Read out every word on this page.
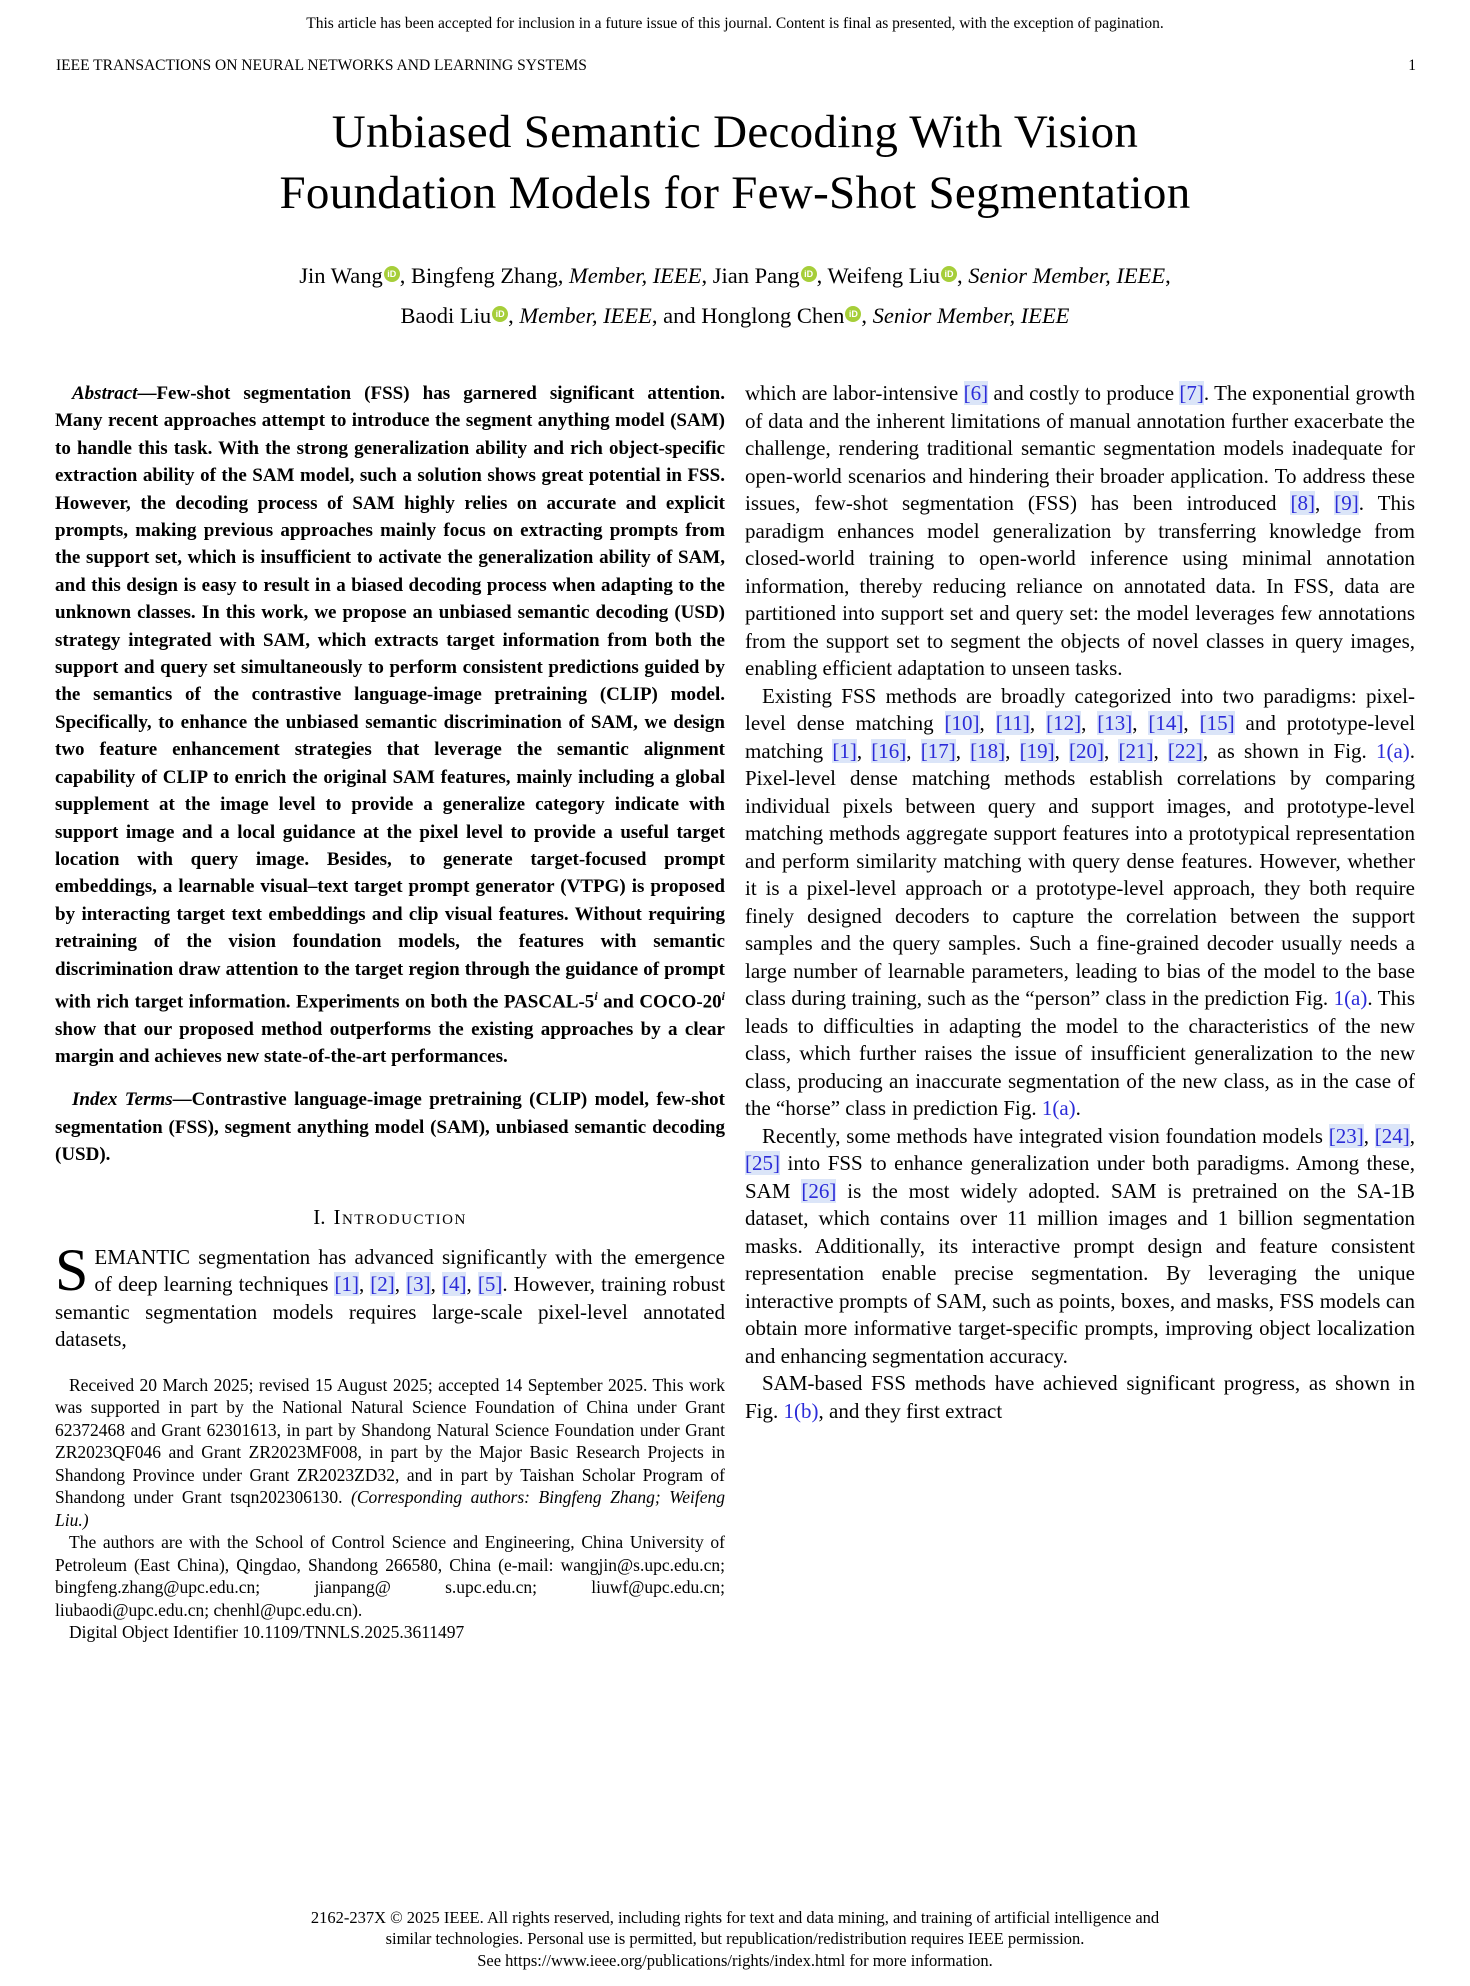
This article has been accepted for inclusion in a future issue of this journal. Content is final as presented, with the exception of pagination.
IEEE TRANSACTIONS ON NEURAL NETWORKS AND LEARNING SYSTEMS	1
Unbiased Semantic Decoding With Vision
Foundation Models for Few-Shot Segmentation
Jin Wang iD , Bingfeng Zhang, Member, IEEE, Jian Pang iD , Weifeng Liu iD , Senior Member, IEEE,
Baodi Liu iD , Member, IEEE, and Honglong Chen iD , Senior Member, IEEE

Abstract—Few-shot segmentation (FSS) has garnered significant attention. Many recent approaches attempt to introduce the segment anything model (SAM) to handle this task. With the strong generalization ability and rich object-specific extraction ability of the SAM model, such a solution shows great potential in FSS. However, the decoding process of SAM highly relies on accurate and explicit prompts, making previous approaches mainly focus on extracting prompts from the support set, which is insufficient to activate the generalization ability of SAM, and this design is easy to result in a biased decoding process when adapting to the unknown classes. In this work, we propose an unbiased semantic decoding (USD) strategy integrated with SAM, which extracts target information from both the support and query set simultaneously to perform consistent predictions guided by the semantics of the contrastive language-image pretraining (CLIP) model. Specifically, to enhance the unbiased semantic discrimination of SAM, we design two feature enhancement strategies that leverage the semantic alignment capability of CLIP to enrich the original SAM features, mainly including a global supplement at the image level to provide a generalize category indicate with support image and a local guidance at the pixel level to provide a useful target location with query image. Besides, to generate target-focused prompt embeddings, a learnable visual–text target prompt generator (VTPG) is proposed by interacting target text embeddings and clip visual features. Without requiring retraining of the vision foundation models, the features with semantic discrimination draw attention to the target region through the guidance of prompt with rich target information. Experiments on both the PASCAL-5$^i$ and COCO-20$^i$ show that our proposed method outperforms the existing approaches by a clear margin and achieves new state-of-the-art performances.

Index Terms—Contrastive language-image pretraining (CLIP) model, few-shot segmentation (FSS), segment anything model (SAM), unbiased semantic decoding (USD).

I. Introduction

SEMANTIC segmentation has advanced significantly with the emergence of deep learning techniques [1], [2], [3], [4], [5]. However, training robust semantic segmentation models requires large-scale pixel-level annotated datasets,

Received 20 March 2025; revised 15 August 2025; accepted 14 September 2025. This work was supported in part by the National Natural Science Foundation of China under Grant 62372468 and Grant 62301613, in part by Shandong Natural Science Foundation under Grant ZR2023QF046 and Grant ZR2023MF008, in part by the Major Basic Research Projects in Shandong Province under Grant ZR2023ZD32, and in part by Taishan Scholar Program of Shandong under Grant tsqn202306130. (Corresponding authors: Bingfeng Zhang; Weifeng Liu.)

The authors are with the School of Control Science and Engineering, China University of Petroleum (East China), Qingdao, Shandong 266580, China (e-mail: wangjin@s.upc.edu.cn; bingfeng.zhang@upc.edu.cn; jianpang@ s.upc.edu.cn; liuwf@upc.edu.cn; liubaodi@upc.edu.cn; chenhl@upc.edu.cn).

Digital Object Identifier 10.1109/TNNLS.2025.3611497

which are labor-intensive [6] and costly to produce [7]. The exponential growth of data and the inherent limitations of manual annotation further exacerbate the challenge, rendering traditional semantic segmentation models inadequate for open-world scenarios and hindering their broader application. To address these issues, few-shot segmentation (FSS) has been introduced [8], [9]. This paradigm enhances model generalization by transferring knowledge from closed-world training to open-world inference using minimal annotation information, thereby reducing reliance on annotated data. In FSS, data are partitioned into support set and query set: the model leverages few annotations from the support set to segment the objects of novel classes in query images, enabling efficient adaptation to unseen tasks.

Existing FSS methods are broadly categorized into two paradigms: pixel-level dense matching [10], [11], [12], [13], [14], [15] and prototype-level matching [1], [16], [17], [18], [19], [20], [21], [22], as shown in Fig. 1(a). Pixel-level dense matching methods establish correlations by comparing individual pixels between query and support images, and prototype-level matching methods aggregate support features into a prototypical representation and perform similarity matching with query dense features. However, whether it is a pixel-level approach or a prototype-level approach, they both require finely designed decoders to capture the correlation between the support samples and the query samples. Such a fine-grained decoder usually needs a large number of learnable parameters, leading to bias of the model to the base class during training, such as the “person” class in the prediction Fig. 1(a). This leads to difficulties in adapting the model to the characteristics of the new class, which further raises the issue of insufficient generalization to the new class, producing an inaccurate segmentation of the new class, as in the case of the “horse” class in prediction Fig. 1(a).

Recently, some methods have integrated vision foundation models [23], [24], [25] into FSS to enhance generalization under both paradigms. Among these, SAM [26] is the most widely adopted. SAM is pretrained on the SA-1B dataset, which contains over 11 million images and 1 billion segmentation masks. Additionally, its interactive prompt design and feature consistent representation enable precise segmentation. By leveraging the unique interactive prompts of SAM, such as points, boxes, and masks, FSS models can obtain more informative target-specific prompts, improving object localization and enhancing segmentation accuracy.

SAM-based FSS methods have achieved significant progress, as shown in Fig. 1(b), and they first extract

2162-237X © 2025 IEEE. All rights reserved, including rights for text and data mining, and training of artificial intelligence and
similar technologies. Personal use is permitted, but republication/redistribution requires IEEE permission.
See https://www.ieee.org/publications/rights/index.html for more information.
